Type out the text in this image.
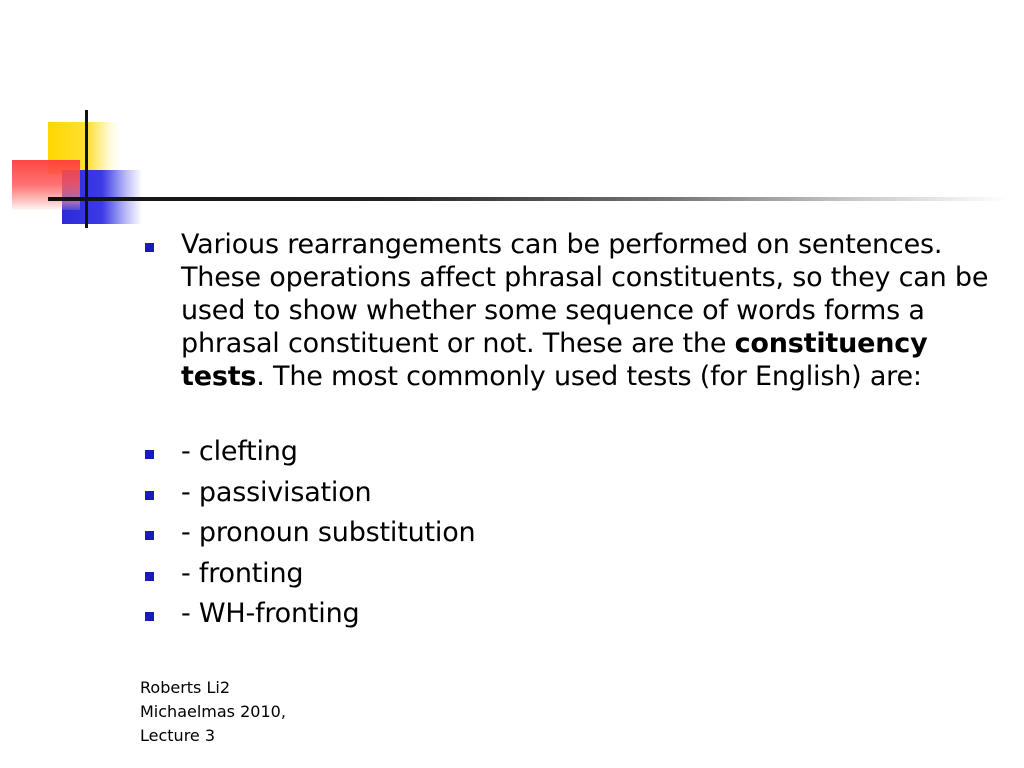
Various rearrangements can be performed on sentences. These operations affect phrasal constituents, so they can be used to show whether some sequence of words forms a phrasal constituent or not. These are the constituency tests. The most commonly used tests (for English) are:
- clefting
- passivisation
- pronoun substitution
- fronting
- WH-fronting
Roberts Li2
Michaelmas 2010,
Lecture 3
